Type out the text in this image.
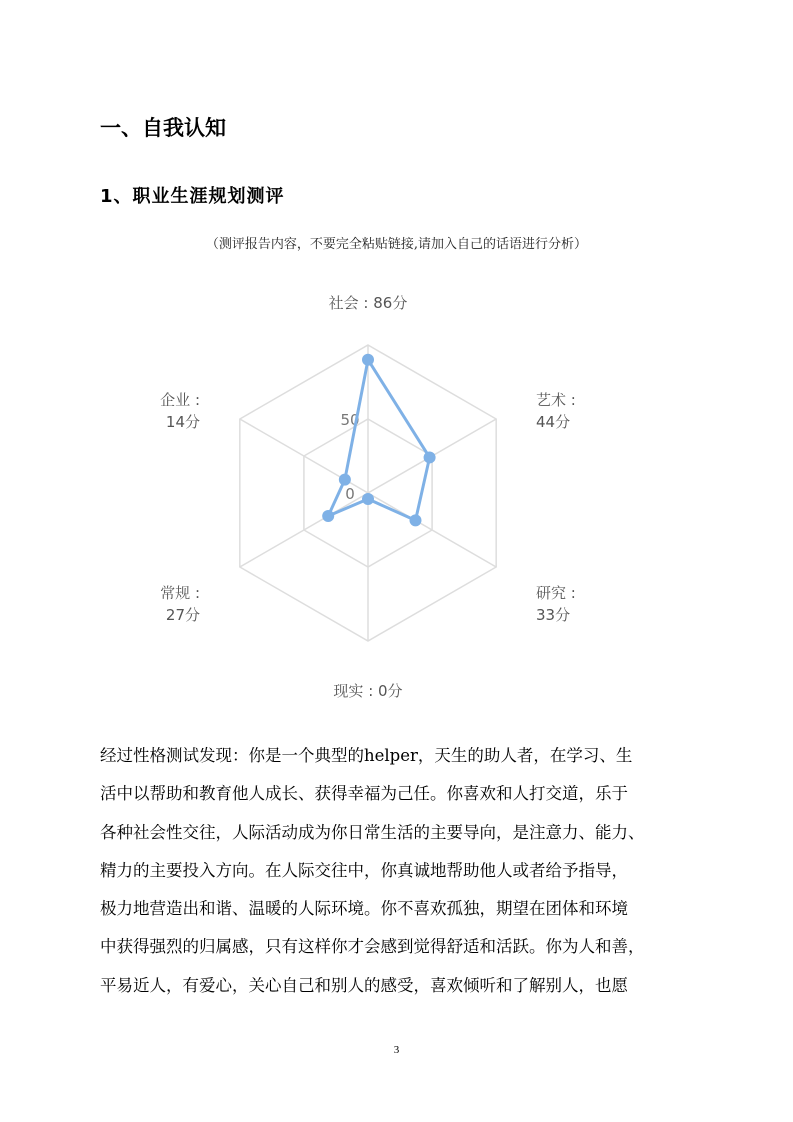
一、自我认知
1、职业生涯规划测评
（测评报告内容，不要完全粘贴链接,请加入自己的话语进行分析）
0
50
社会 : 86分
艺术 :
44分
研究 :
33分
现实 : 0分
常规 :
27分
企业 :
14分

经过性格测试发现：你是一个典型的helper，天生的助人者，在学习、生

活中以帮助和教育他人成长、获得幸福为己任。你喜欢和人打交道，乐于

各种社会性交往，人际活动成为你日常生活的主要导向，是注意力、能力、

精力的主要投入方向。在人际交往中，你真诚地帮助他人或者给予指导，

极力地营造出和谐、温暖的人际环境。你不喜欢孤独，期望在团体和环境

中获得强烈的归属感，只有这样你才会感到觉得舒适和活跃。你为人和善，

平易近人，有爱心，关心自己和别人的感受，喜欢倾听和了解别人，也愿

3
